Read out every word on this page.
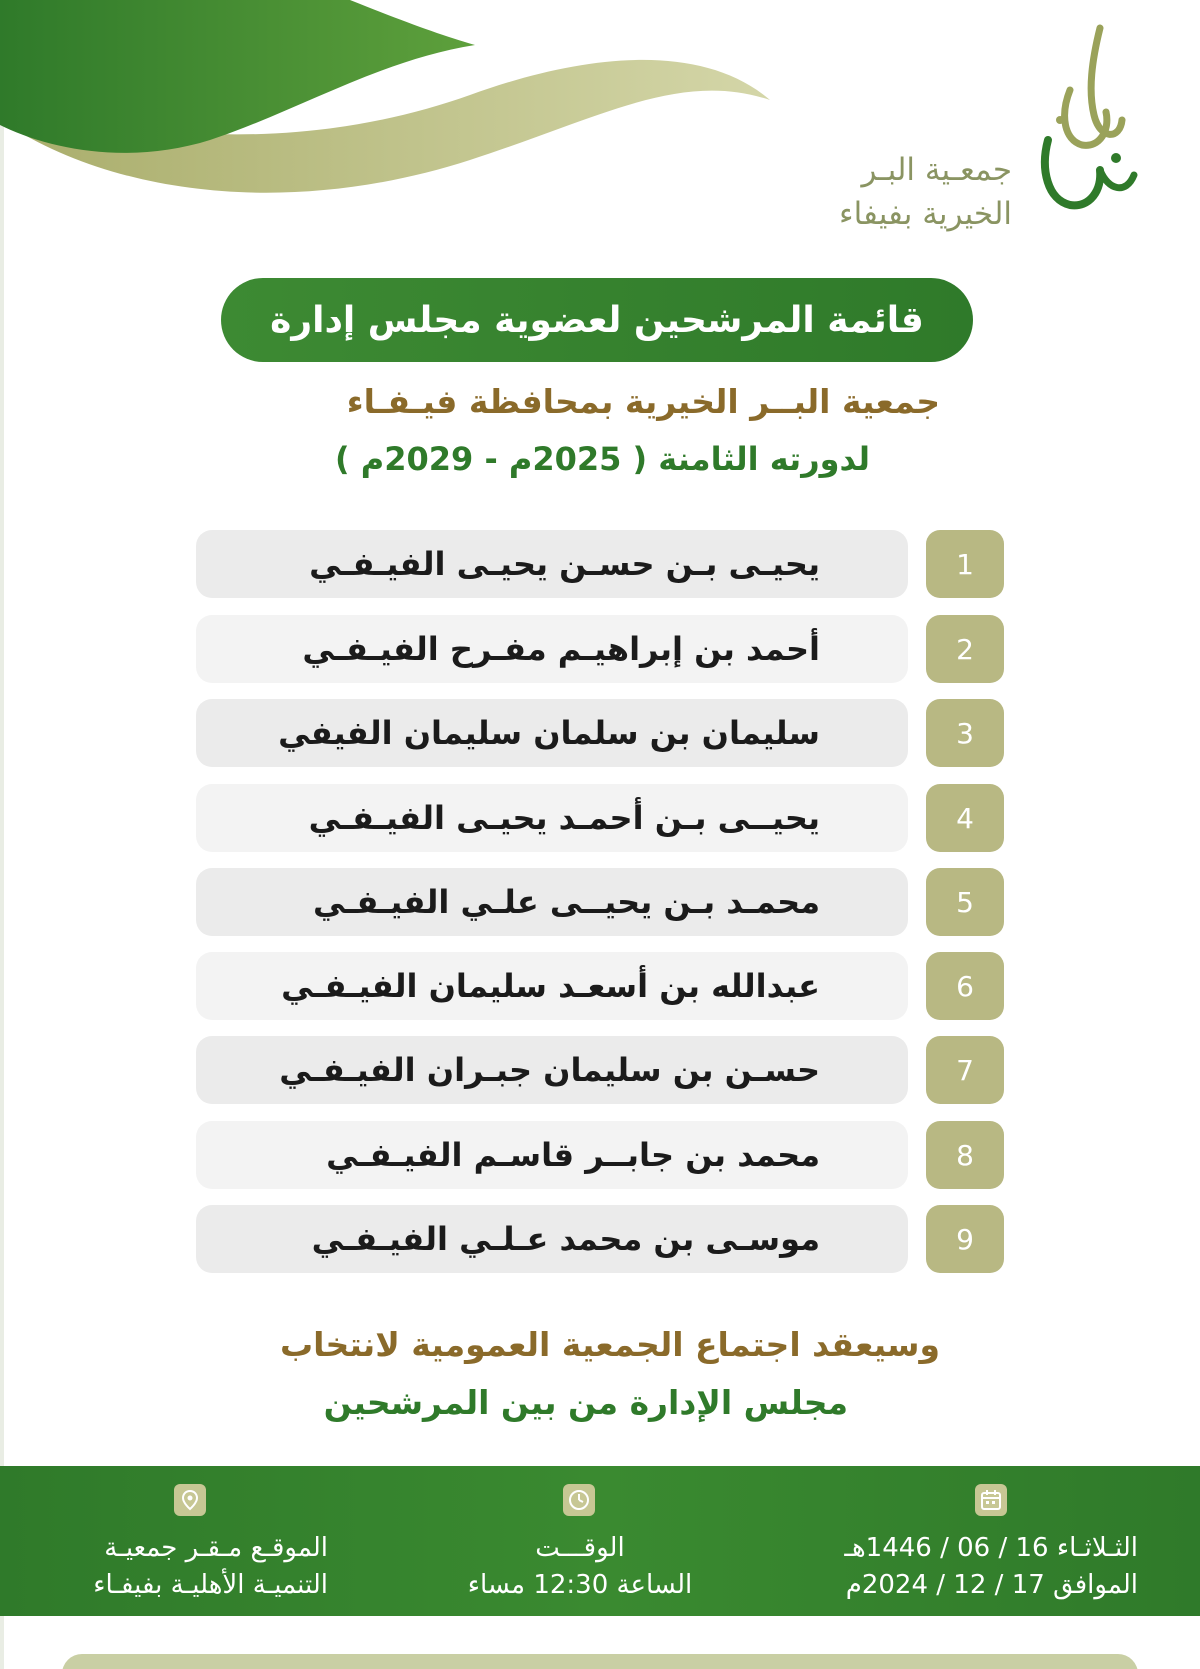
جمعـية البـر
الخيرية بفيفاء
قائمة المرشحين لعضوية مجلس إدارة
جمعية البــر الخيرية بمحافظة فيـفـاء
لدورته الثامنة ( 2025م - 2029م )
يحيـى بـن حسـن يحيـى الفيـفـي	1
أحمد بن إبراهيـم مفـرح الفيـفـي	2
سليمان بن سلمان سليمان الفيفي	3
يحيــى بـن أحمـد يحيـى الفيـفـي	4
محمـد بـن يحيــى علـي الفيـفـي	5
عبدالله بن أسعـد سليمان الفيـفـي	6
حسـن بن سليمان جبـران الفيـفـي	7
محمد بن جابــر قاسـم الفيـفـي	8
موسـى بن محمد عـلـي الفيـفـي	9
وسيعقد اجتماع الجمعية العمومية لانتخاب
مجلس الإدارة من بين المرشحين
الثـلاثـاء 16 / 06 / 1446هـ
الموافق 17 / 12 / 2024م
الوقـــت
الساعة 12:30 مساء
الموقـع مـقـر جمعيـة
التنميـة الأهليـة بفيفـاء
